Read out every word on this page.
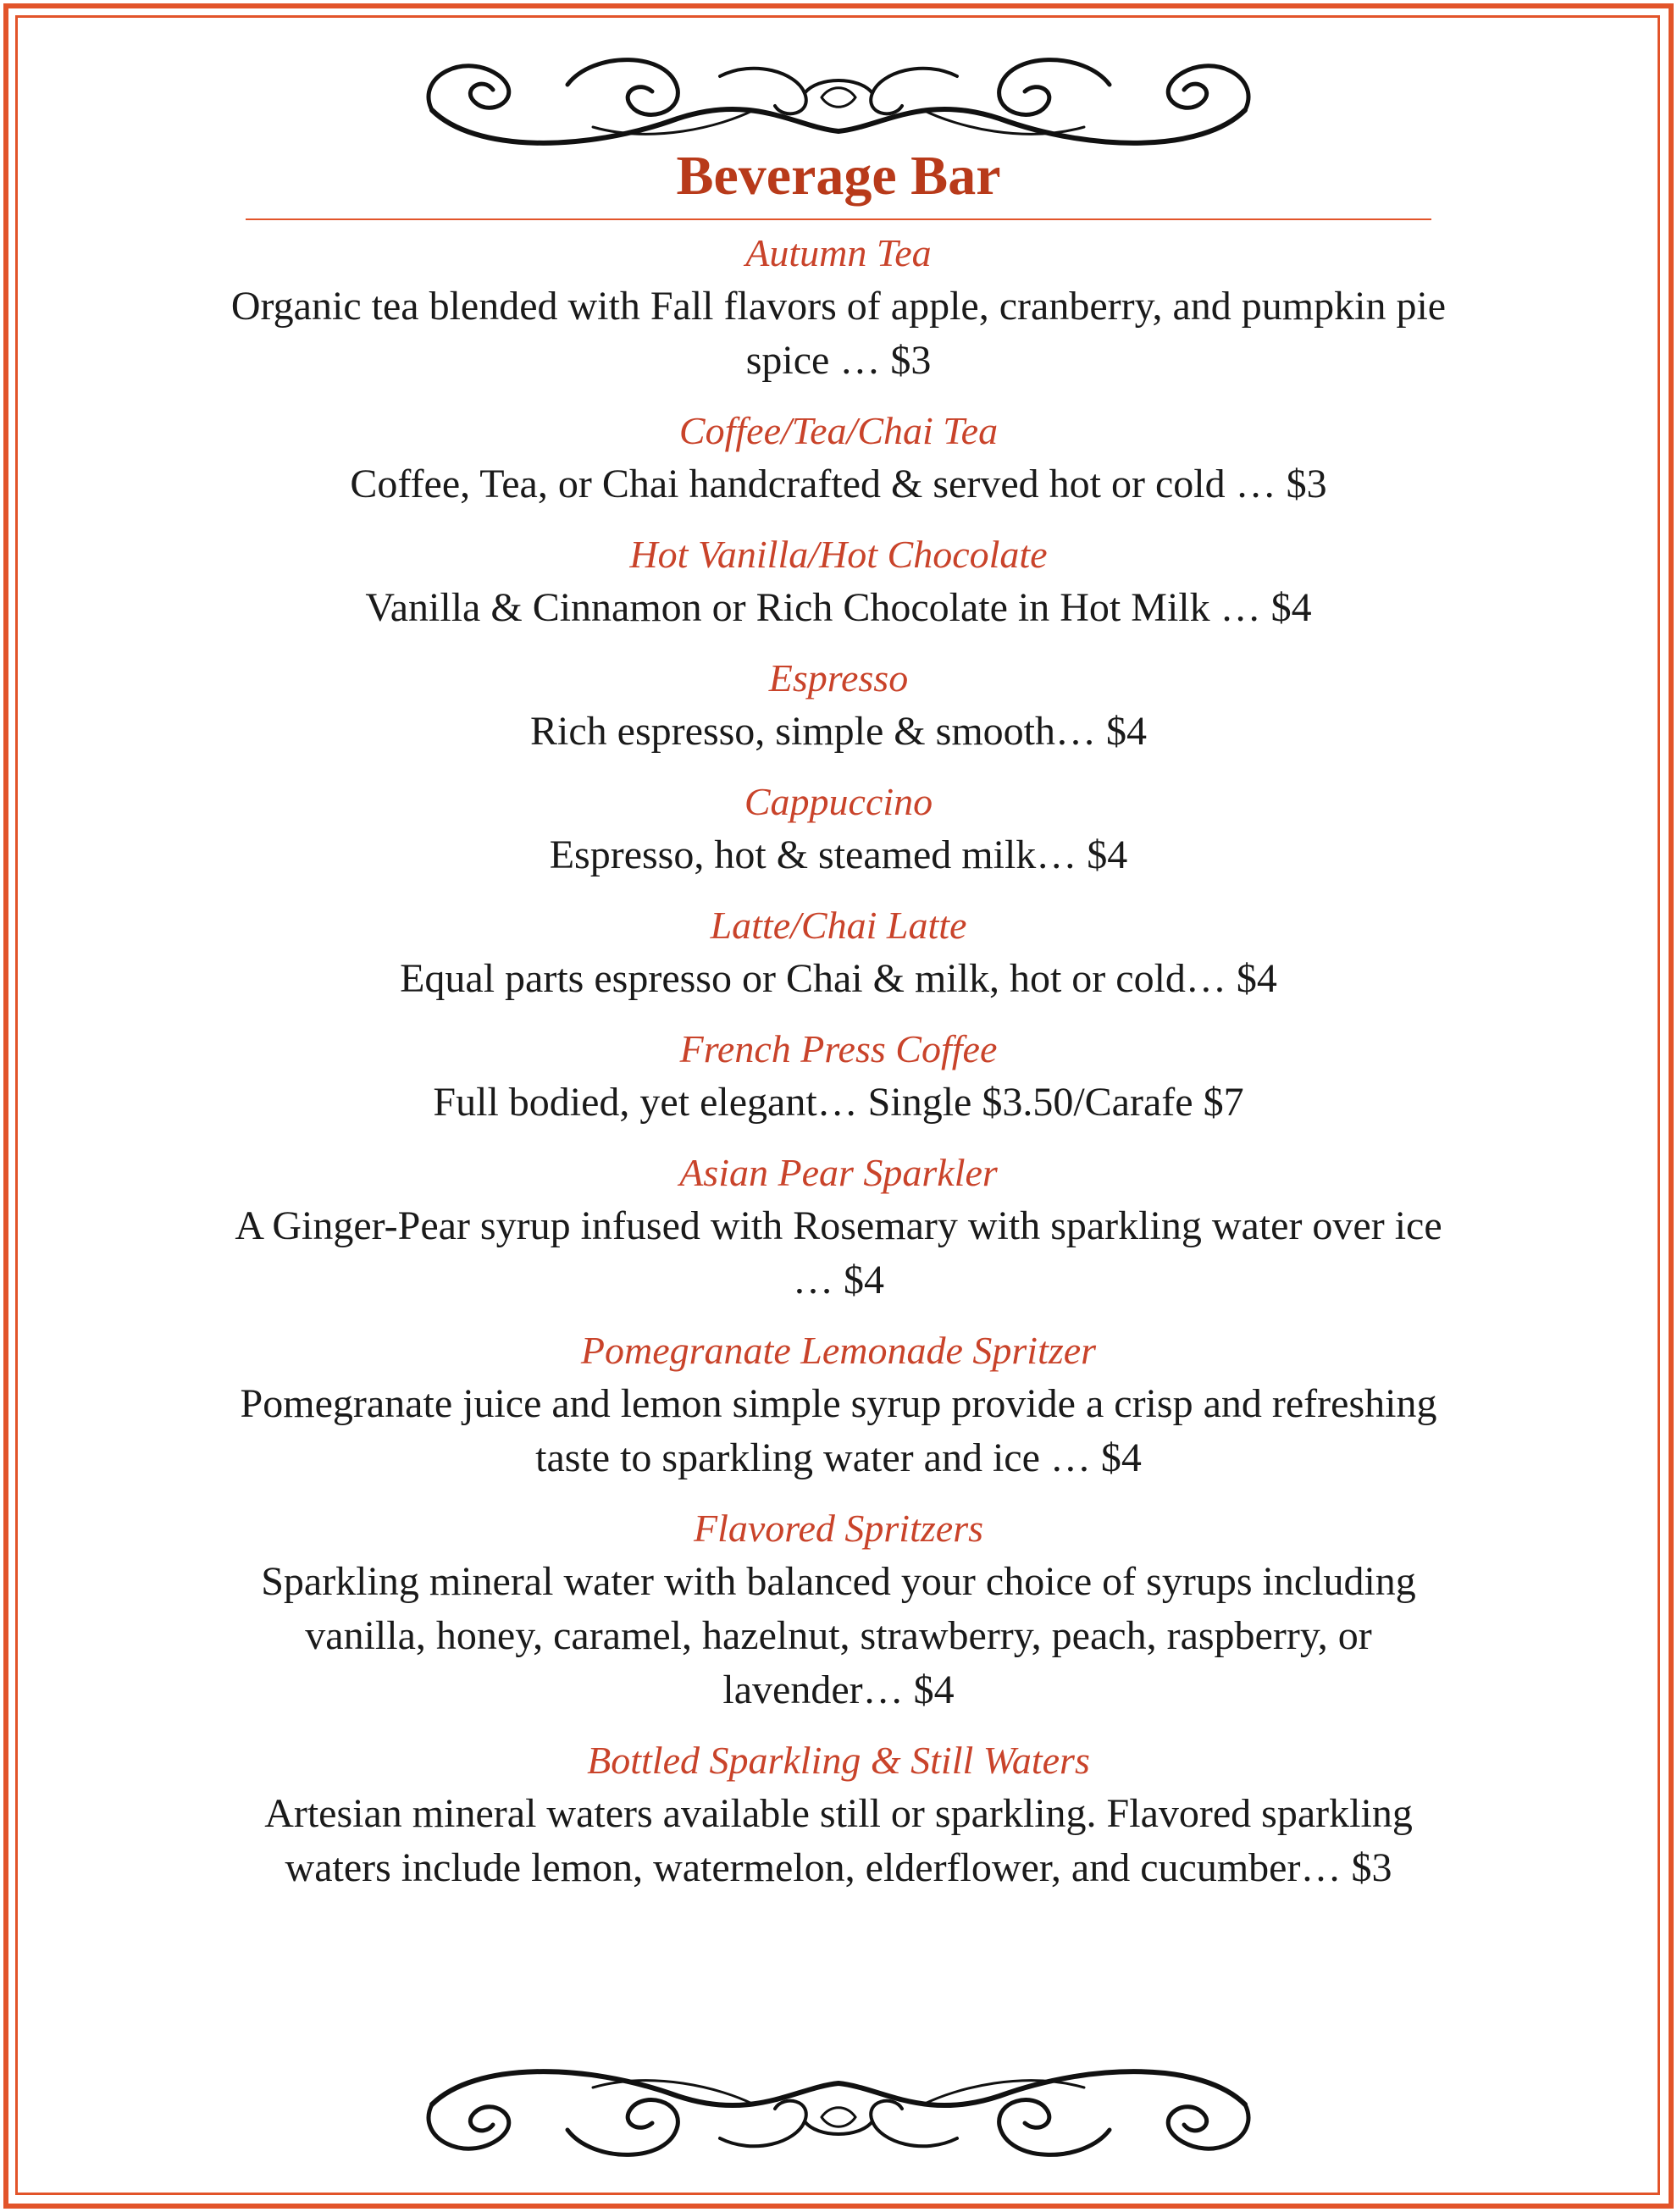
Beverage Bar
Autumn Tea
Organic tea blended with Fall flavors of apple, cranberry, and pumpkin pie spice … $3
Coffee/Tea/Chai Tea
Coffee, Tea, or Chai handcrafted & served hot or cold … $3
Hot Vanilla/Hot Chocolate
Vanilla & Cinnamon or Rich Chocolate in Hot Milk … $4
Espresso
Rich espresso, simple & smooth… $4
Cappuccino
Espresso, hot & steamed milk… $4
Latte/Chai Latte
Equal parts espresso or Chai & milk, hot or cold… $4
French Press Coffee
Full bodied, yet elegant… Single $3.50/Carafe $7
Asian Pear Sparkler
A Ginger-Pear syrup infused with Rosemary with sparkling water over ice … $4
Pomegranate Lemonade Spritzer
Pomegranate juice and lemon simple syrup provide a crisp and refreshing taste to sparkling water and ice … $4
Flavored Spritzers
Sparkling mineral water with balanced your choice of syrups including vanilla, honey, caramel, hazelnut, strawberry, peach, raspberry, or lavender… $4
Bottled Sparkling & Still Waters
Artesian mineral waters available still or sparkling. Flavored sparkling waters include lemon, watermelon, elderflower, and cucumber… $3
